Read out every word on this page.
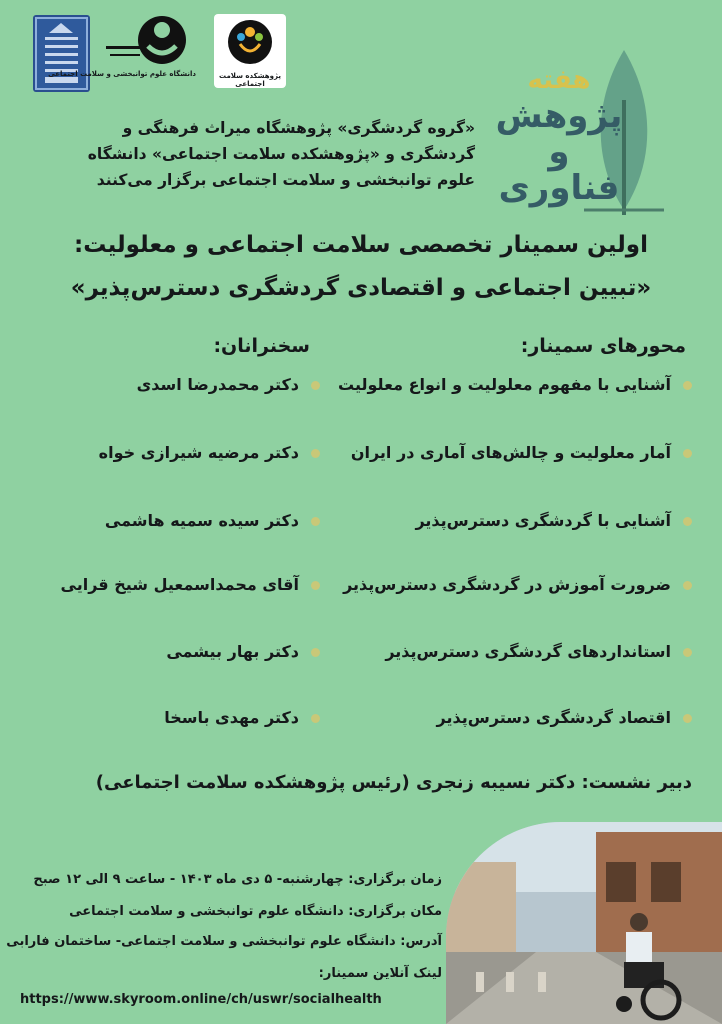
دانشگاه علوم توانبخشی و سلامت اجتماعی	پژوهشکده سلامت اجتماعی	هفته
پژوهش
و فناوری
«گروه گردشگری» پژوهشگاه میراث فرهنگی و
گردشگری و «پژوهشکده سلامت اجتماعی» دانشگاه
علوم توانبخشی و سلامت اجتماعی برگزار می‌کنند
اولین سمینار تخصصی سلامت اجتماعی و معلولیت:
«تبیین اجتماعی و اقتصادی گردشگری دسترس‌پذیر»
محورهای سمینار:
سخنرانان:
آشنایی با مفهوم معلولیت و انواع معلولیت
آمار معلولیت و چالش‌های آماری در ایران
آشنایی با گردشگری دسترس‌پذیر
ضرورت آموزش در گردشگری دسترس‌پذیر
استانداردهای گردشگری دسترس‌پذیر
اقتصاد گردشگری دسترس‌پذیر
دکتر محمدرضا اسدی
دکتر مرضیه شیرازی خواه
دکتر سیده سمیه هاشمی
آقای محمداسمعیل شیخ قرایی
دکتر بهار بیشمی
دکتر مهدی باسخا
دبیر نشست: دکتر نسیبه زنجری (رئیس پژوهشکده سلامت اجتماعی)
زمان برگزاری: چهارشنبه- ۵ دی ماه ۱۴۰۳ - ساعت ۹ الی ۱۲ صبح
مکان برگزاری: دانشگاه علوم توانبخشی و سلامت اجتماعی
آدرس: دانشگاه علوم توانبخشی و سلامت اجتماعی- ساختمان فارابی
لینک آنلاین سمینار:
https://www.skyroom.online/ch/uswr/socialhealth
